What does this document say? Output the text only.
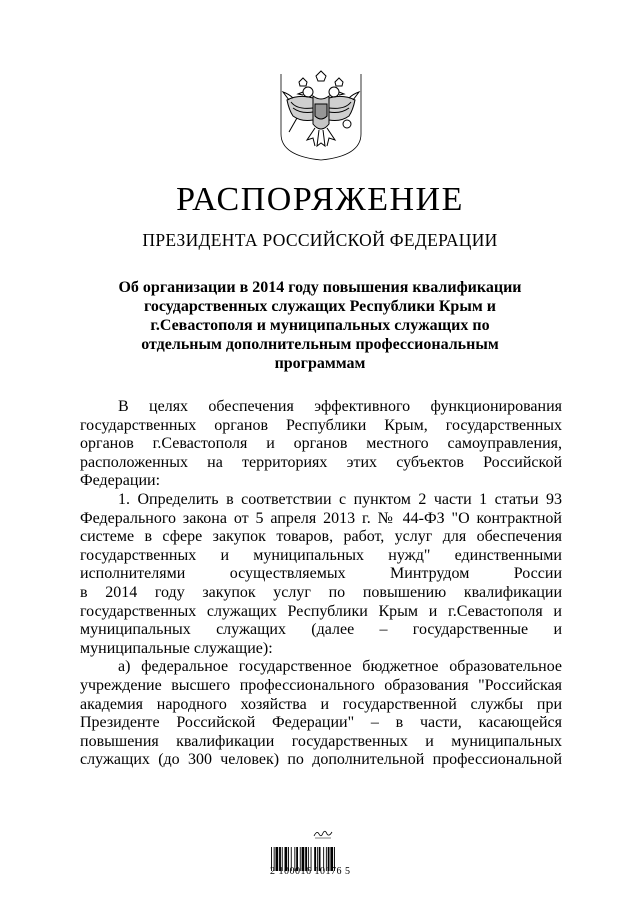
РАСПОРЯЖЕНИЕ
ПРЕЗИДЕНТА РОССИЙСКОЙ ФЕДЕРАЦИИ
Об организации в 2014 году повышения квалификации
государственных служащих Республики Крым и
г.Севастополя и муниципальных служащих по
отдельным дополнительным профессиональным
программам
В целях обеспечения эффективного функционирования
государственных органов Республики Крым, государственных
органов г.Севастополя и органов местного самоуправления,
расположенных на территориях этих субъектов Российской
Федерации:
1. Определить в соответствии с пунктом 2 части 1 статьи 93
Федерального закона от 5 апреля 2013 г. № 44-ФЗ "О контрактной
системе в сфере закупок товаров, работ, услуг для обеспечения
государственных и муниципальных нужд" единственными
исполнителями осуществляемых Минтрудом России
в 2014 году закупок услуг по повышению квалификации
государственных служащих Республики Крым и г.Севастополя и
муниципальных служащих (далее – государственные и
муниципальные служащие):
а) федеральное государственное бюджетное образовательное
учреждение высшего профессионального образования "Российская
академия народного хозяйства и государственной службы при
Президенте Российской Федерации" – в части, касающейся
повышения квалификации государственных и муниципальных
служащих (до 300 человек) по дополнительной профессиональной
2 100016 10176 5
